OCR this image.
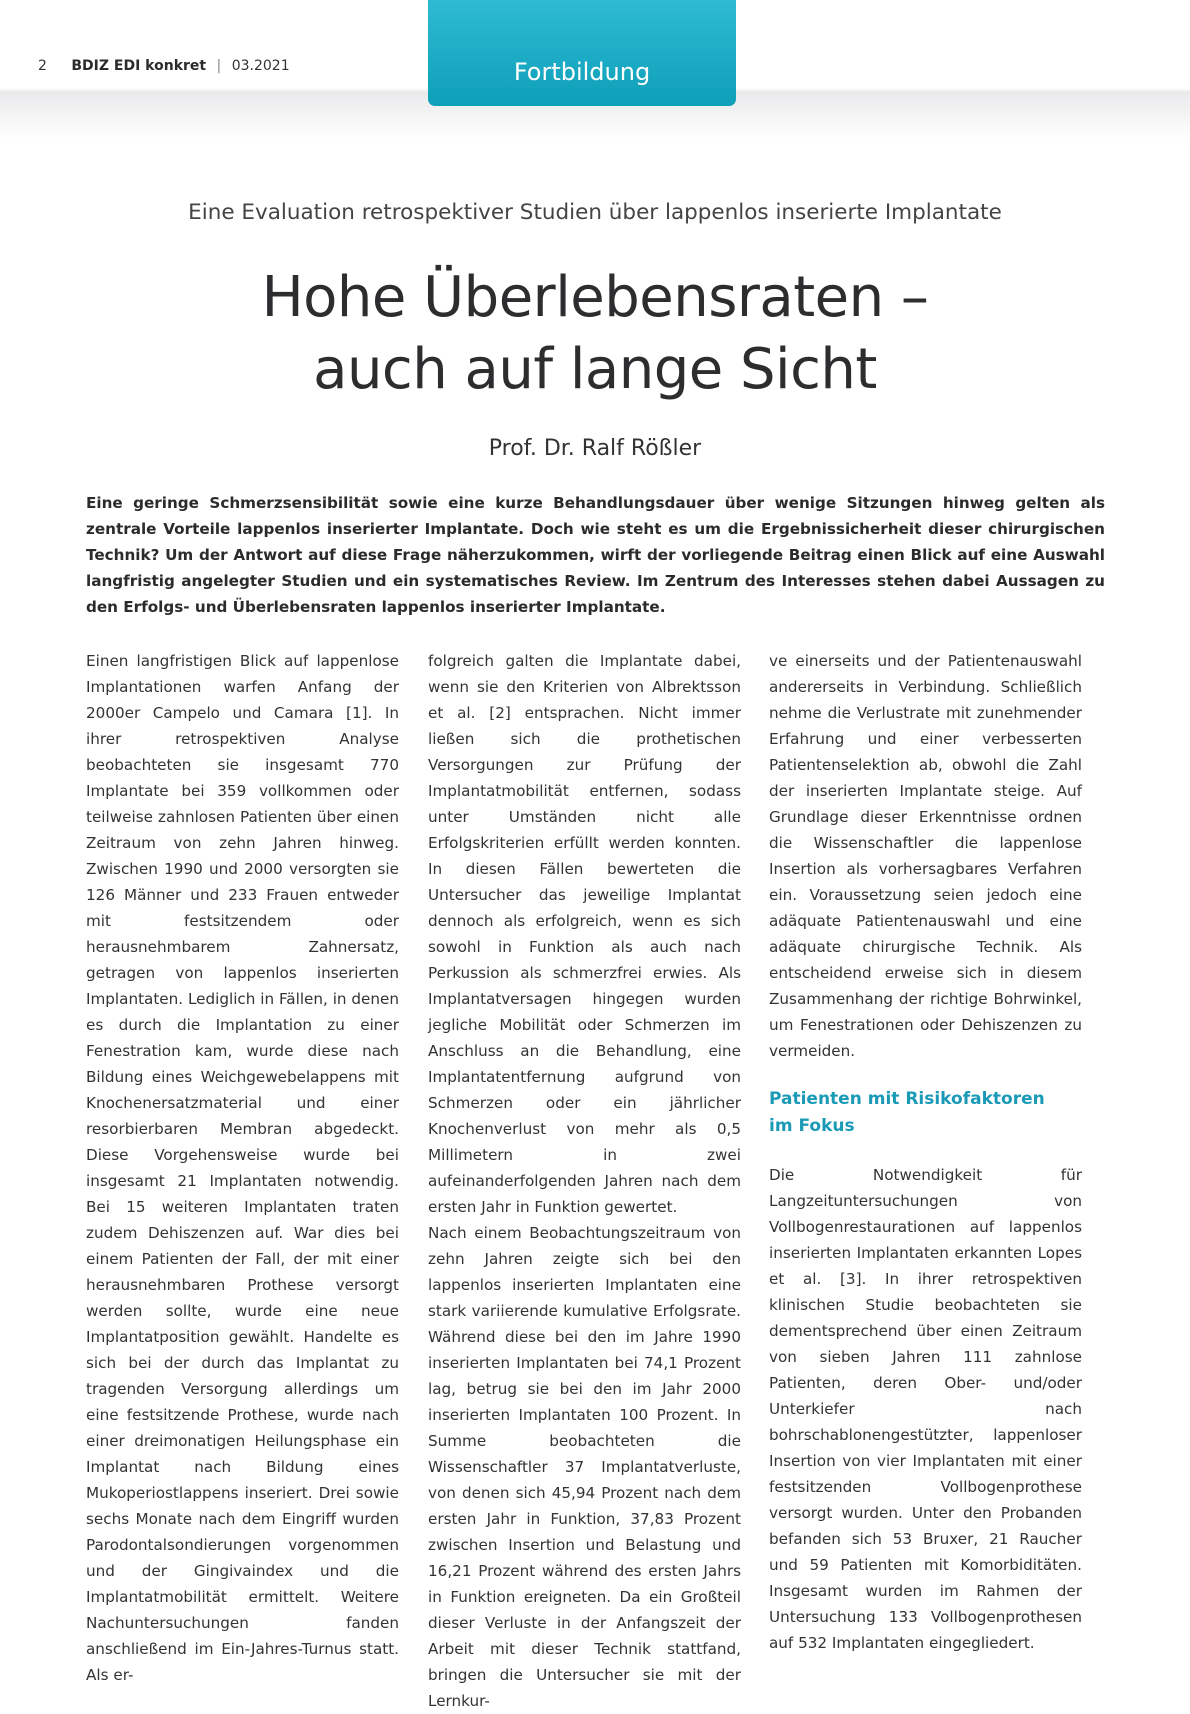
2 BDIZ EDI konkret | 03.2021	Fortbildung
Eine Evaluation retrospektiver Studien über lappenlos inserierte Implantate
Hohe Überlebensraten –
auch auf lange Sicht
Prof. Dr. Ralf Rößler

Eine geringe Schmerzsensibilität sowie eine kurze Behandlungsdauer über wenige Sitzungen hinweg gelten als zentrale Vorteile lappenlos inserierter Implantate. Doch wie steht es um die Ergebnissicherheit dieser chirurgischen Technik? Um der Antwort auf diese Frage näherzukommen, wirft der vorliegende Beitrag einen Blick auf eine Auswahl langfristig angelegter Studien und ein systematisches Review. Im Zentrum des Interesses stehen dabei Aussagen zu den Erfolgs- und Überlebensraten lappenlos inserierter Implantate.

Einen langfristigen Blick auf lappenlose Implantationen warfen Anfang der 2000er Campelo und Camara [1]. In ihrer retrospektiven Analyse beobachteten sie insgesamt 770 Implantate bei 359 vollkommen oder teilweise zahnlosen Patienten über einen Zeitraum von zehn Jahren hinweg. Zwischen 1990 und 2000 versorgten sie 126 Männer und 233 Frauen entweder mit festsitzendem oder herausnehmbarem Zahnersatz, getragen von lappenlos inserierten Implantaten. Lediglich in Fällen, in denen es durch die Implantation zu einer Fenestration kam, wurde diese nach Bildung eines Weichgewebelappens mit Knochenersatzmaterial und einer resorbierbaren Membran abgedeckt. Diese Vorgehensweise wurde bei insgesamt 21 Implantaten notwendig. Bei 15 weiteren Implantaten traten zudem Dehiszenzen auf. War dies bei einem Patienten der Fall, der mit einer herausnehmbaren Prothese versorgt werden sollte, wurde eine neue Implantatposition gewählt. Handelte es sich bei der durch das Implantat zu tragenden Versorgung allerdings um eine festsitzende Prothese, wurde nach einer dreimonatigen Heilungsphase ein Implantat nach Bildung eines Mukoperiostlappens inseriert. Drei sowie sechs Monate nach dem Eingriff wurden Parodontalsondierungen vorgenommen und der Gingivaindex und die Implantatmobilität ermittelt. Weitere Nachuntersuchungen fanden anschließend im Ein-Jahres-Turnus statt. Als er-

folgreich galten die Implantate dabei, wenn sie den Kriterien von Albrektsson et al. [2] entsprachen. Nicht immer ließen sich die prothetischen Versorgungen zur Prüfung der Implantatmobilität entfernen, sodass unter Umständen nicht alle Erfolgskriterien erfüllt werden konnten. In diesen Fällen bewerteten die Untersucher das jeweilige Implantat dennoch als erfolgreich, wenn es sich sowohl in Funktion als auch nach Perkussion als schmerzfrei erwies. Als Implantatversagen hingegen wurden jegliche Mobilität oder Schmerzen im Anschluss an die Behandlung, eine Implantatentfernung aufgrund von Schmerzen oder ein jährlicher Knochenverlust von mehr als 0,5 Millimetern in zwei aufeinanderfolgenden Jahren nach dem ersten Jahr in Funktion gewertet.

Nach einem Beobachtungszeitraum von zehn Jahren zeigte sich bei den lappenlos inserierten Implantaten eine stark variierende kumulative Erfolgsrate. Während diese bei den im Jahre 1990 inserierten Implantaten bei 74,1 Prozent lag, betrug sie bei den im Jahr 2000 inserierten Implantaten 100 Prozent. In Summe beobachteten die Wissenschaftler 37 Implantatverluste, von denen sich 45,94 Prozent nach dem ersten Jahr in Funktion, 37,83 Prozent zwischen Insertion und Belastung und 16,21 Prozent während des ersten Jahrs in Funktion ereigneten. Da ein Großteil dieser Verluste in der Anfangszeit der Arbeit mit dieser Technik stattfand, bringen die Untersucher sie mit der Lernkur-

ve einerseits und der Patientenauswahl andererseits in Verbindung. Schließlich nehme die Verlustrate mit zunehmender Erfahrung und einer verbesserten Patientenselektion ab, obwohl die Zahl der inserierten Implantate steige. Auf Grundlage dieser Erkenntnisse ordnen die Wissenschaftler die lappenlose Insertion als vorhersagbares Verfahren ein. Voraussetzung seien jedoch eine adäquate Patientenauswahl und eine adäquate chirurgische Technik. Als entscheidend erweise sich in diesem Zusammenhang der richtige Bohrwinkel, um Fenestrationen oder Dehiszenzen zu vermeiden.

Patienten mit Risikofaktoren
im Fokus

Die Notwendigkeit für Langzeituntersuchungen von Vollbogenrestaurationen auf lappenlos inserierten Implantaten erkannten Lopes et al. [3]. In ihrer retrospektiven klinischen Studie beobachteten sie dementsprechend über einen Zeitraum von sieben Jahren 111 zahnlose Patienten, deren Ober- und/oder Unterkiefer nach bohrschablonengestützter, lappenloser Insertion von vier Implantaten mit einer festsitzenden Vollbogenprothese versorgt wurden. Unter den Probanden befanden sich 53 Bruxer, 21 Raucher und 59 Patienten mit Komorbiditäten. Insgesamt wurden im Rahmen der Untersuchung 133 Vollbogenprothesen auf 532 Implantaten eingegliedert.
